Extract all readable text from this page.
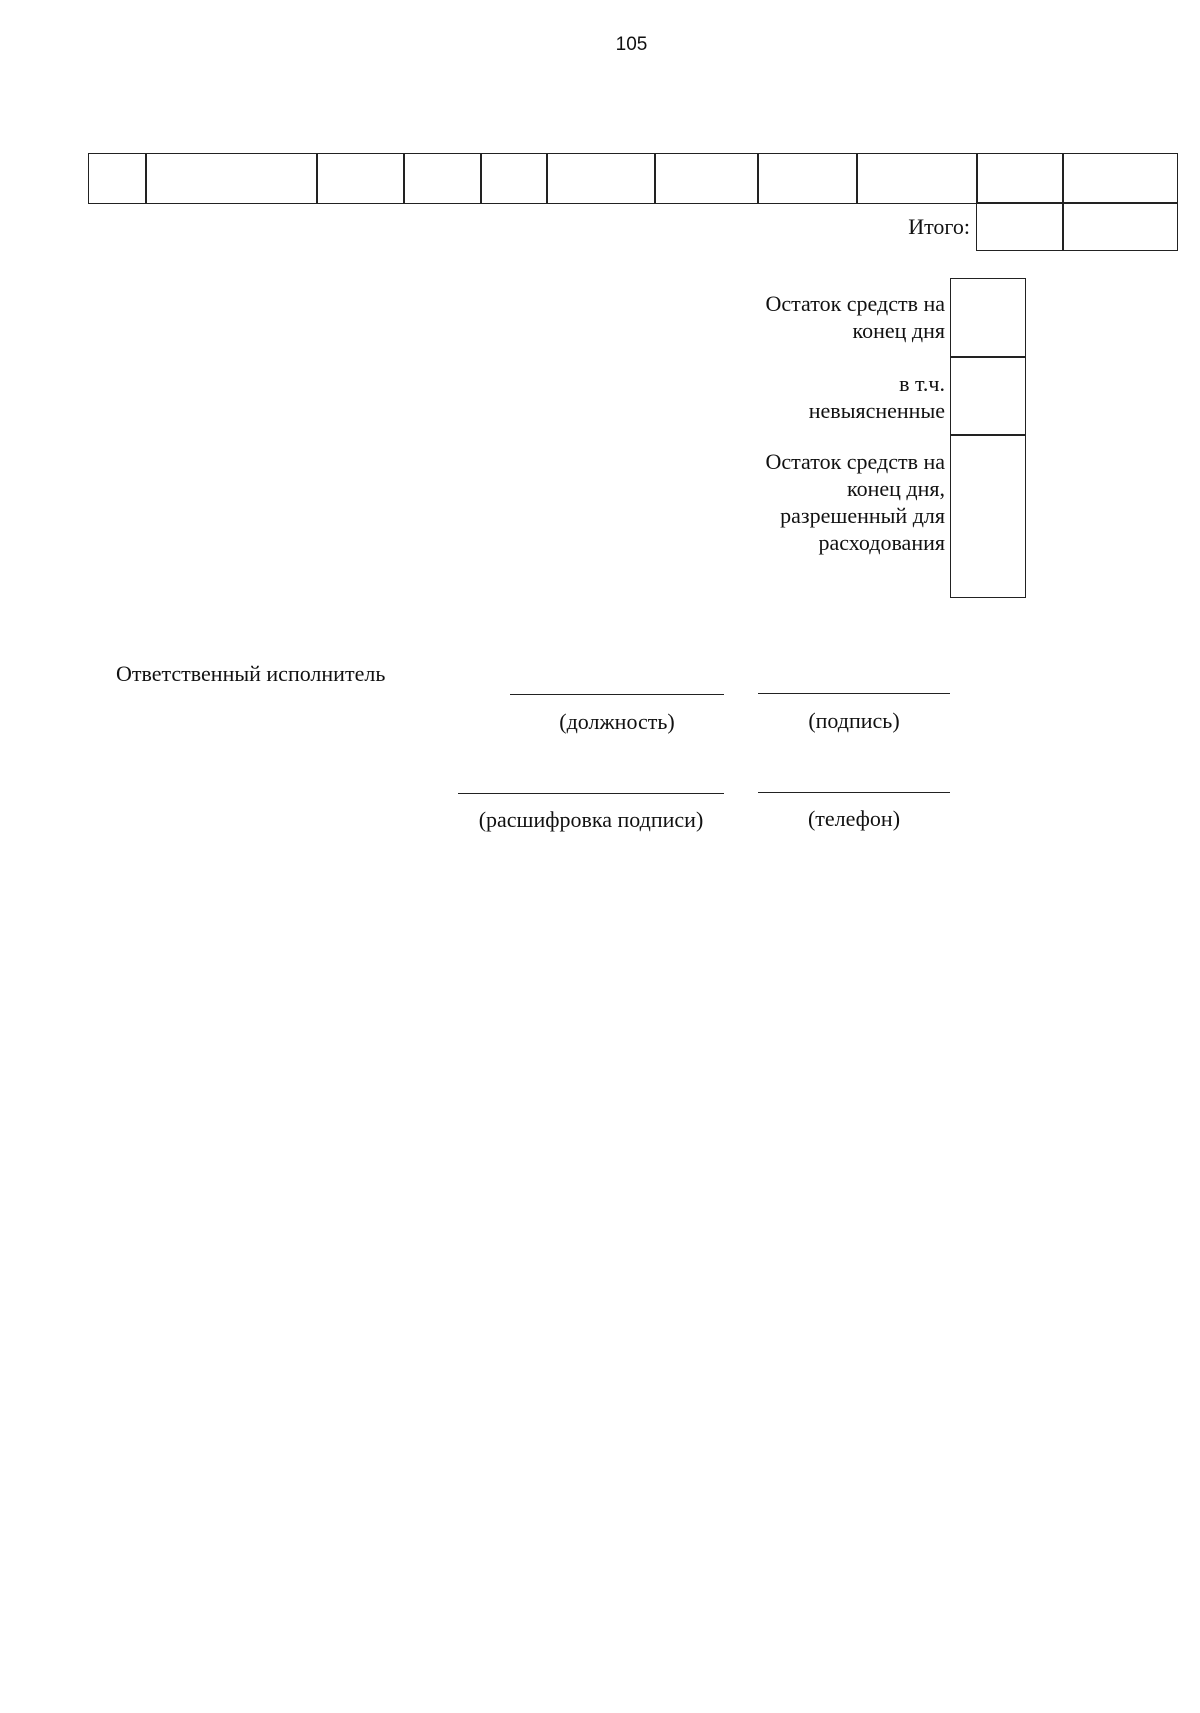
105
Итого:
Остаток средств на конец дня
в т.ч. невыясненные
Остаток средств на конец дня, разрешенный для расходования
Ответственный исполнитель
(должность)	(подпись)
(расшифровка подписи)	(телефон)
